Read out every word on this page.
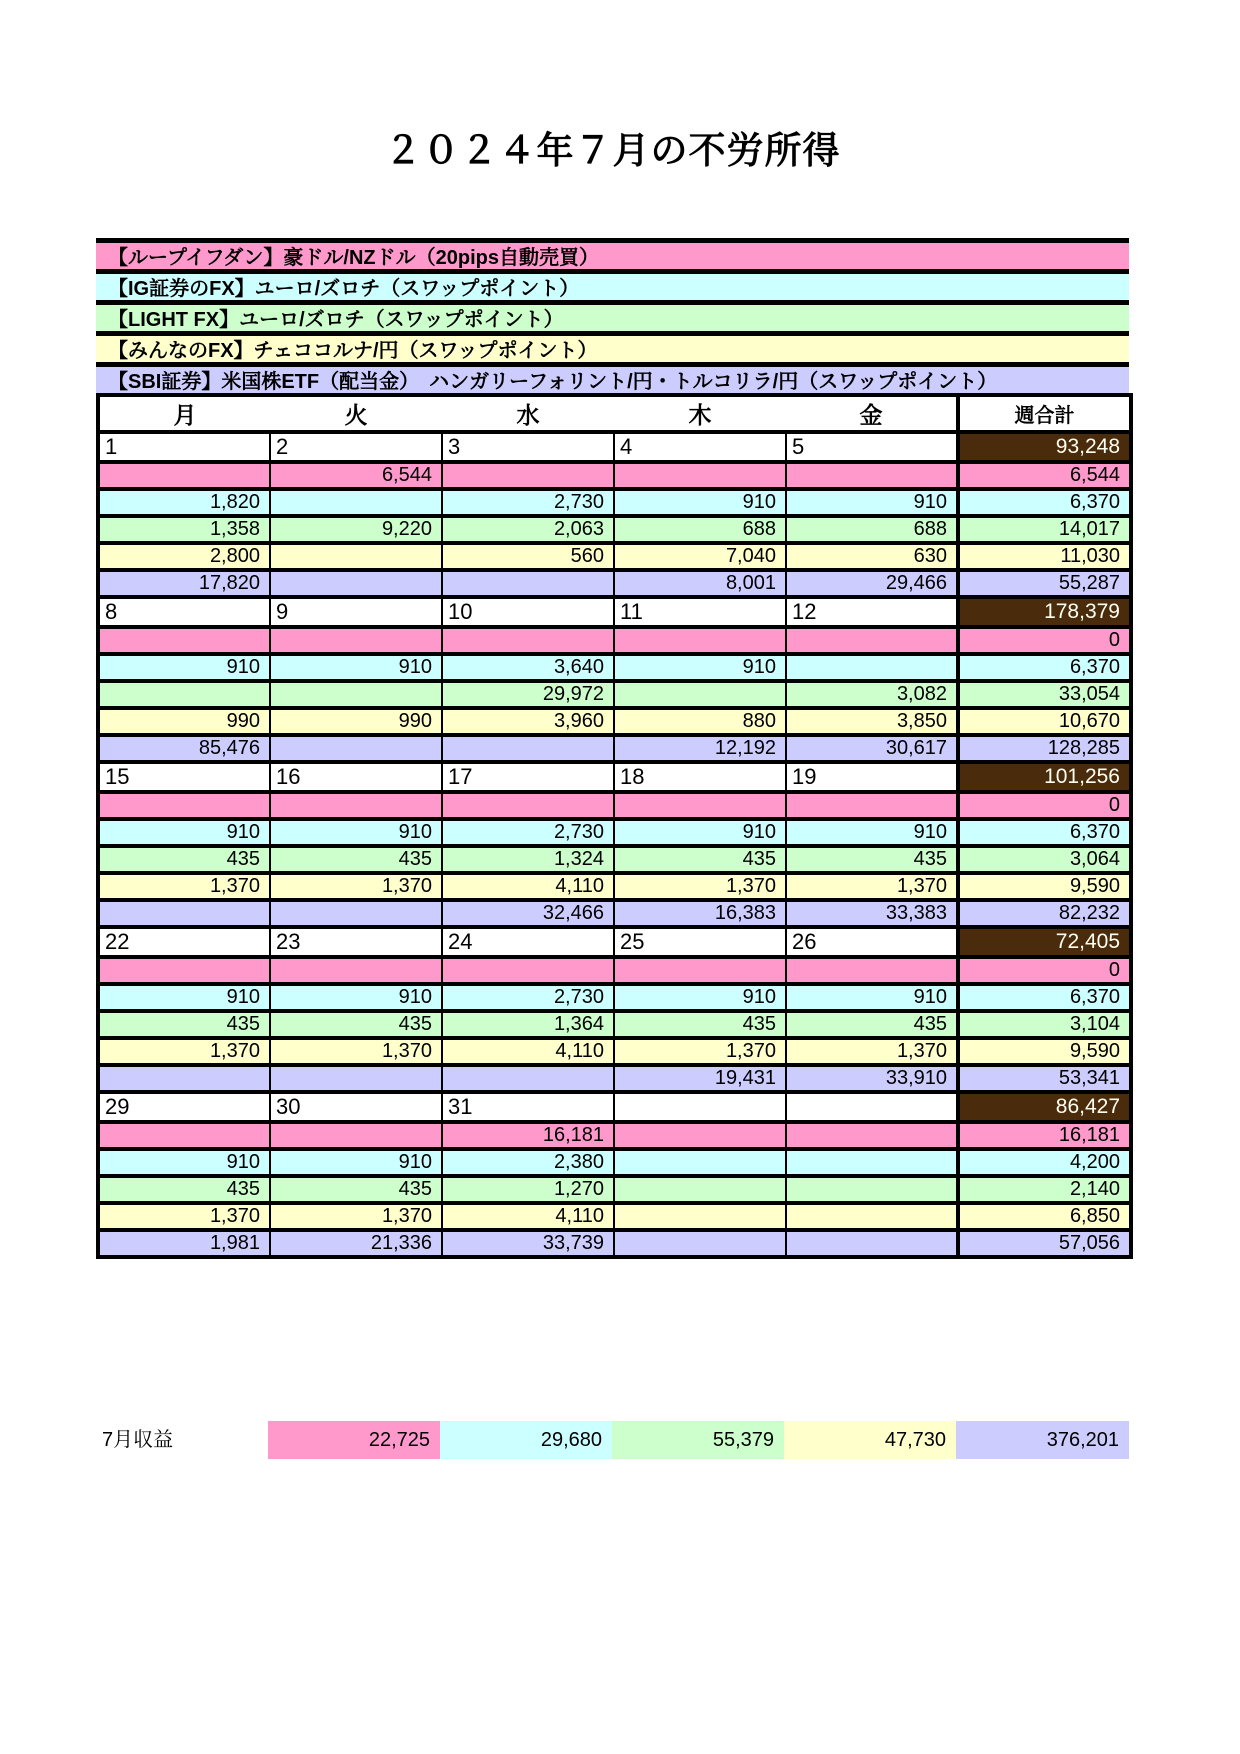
２０２４年７月の不労所得
【ループイフダン】豪ドル/NZドル（20pips自動売買）
【IG証券のFX】ユーロ/ズロチ（スワップポイント）
【LIGHT FX】ユーロ/ズロチ（スワップポイント）
【みんなのFX】チェココルナ/円（スワップポイント）
【SBI証券】米国株ETF（配当金）　ハンガリーフォリント/円・トルコリラ/円（スワップポイント）
月	火	水	木	金	週合計
1	2	3	4	5	93,248
	6,544				6,544
1,820		2,730	910	910	6,370
1,358	9,220	2,063	688	688	14,017
2,800		560	7,040	630	11,030
17,820			8,001	29,466	55,287
8	9	10	11	12	178,379
					0
910	910	3,640	910		6,370
		29,972		3,082	33,054
990	990	3,960	880	3,850	10,670
85,476			12,192	30,617	128,285
15	16	17	18	19	101,256
					0
910	910	2,730	910	910	6,370
435	435	1,324	435	435	3,064
1,370	1,370	4,110	1,370	1,370	9,590
		32,466	16,383	33,383	82,232
22	23	24	25	26	72,405
					0
910	910	2,730	910	910	6,370
435	435	1,364	435	435	3,104
1,370	1,370	4,110	1,370	1,370	9,590
			19,431	33,910	53,341
29	30	31			86,427
		16,181			16,181
910	910	2,380			4,200
435	435	1,270			2,140
1,370	1,370	4,110			6,850
1,981	21,336	33,739			57,056
7月収益	22,725	29,680	55,379	47,730	376,201
